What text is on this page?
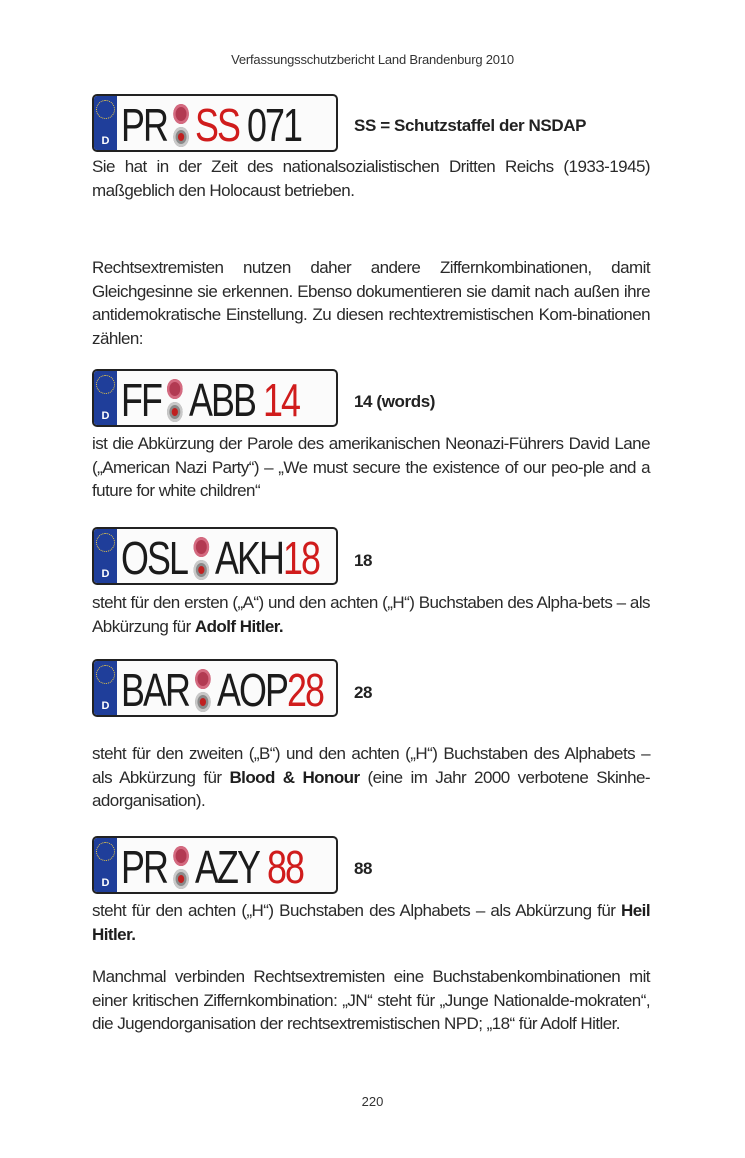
Verfassungsschutzbericht Land Brandenburg 2010
D PR SS 071	SS = Schutzstaffel der NSDAP
Sie hat in der Zeit des nationalsozialistischen Dritten Reichs (1933-1945) maßgeblich den Holocaust betrieben.
Rechtsextremisten nutzen daher andere Ziffernkombinationen, damit Gleichgesinne sie erkennen. Ebenso dokumentieren sie damit nach außen ihre antidemokratische Einstellung. Zu diesen rechtextremistischen Kom-binationen zählen:
D FF ABB 14	14 (words)
ist die Abkürzung der Parole des amerikanischen Neonazi-Führers David Lane („American Nazi Party“) – „We must secure the existence of our peo-ple and a future for white children“
D OSL AKH18 18
steht für den ersten („A“) und den achten („H“) Buchstaben des Alpha-bets – als Abkürzung für Adolf Hitler.
D BAR AOP28 28
steht für den zweiten („B“) und den achten („H“) Buchstaben des Alphabets – als Abkürzung für Blood & Honour (eine im Jahr 2000 verbotene Skinhe-adorganisation).
D PR AZY 88	88
steht für den achten („H“) Buchstaben des Alphabets – als Abkürzung für Heil Hitler.
Manchmal verbinden Rechtsextremisten eine Buchstabenkombinationen mit einer kritischen Ziffernkombination: „JN“ steht für „Junge Nationalde-mokraten“, die Jugendorganisation der rechtsextremistischen NPD; „18“ für Adolf Hitler.
220
